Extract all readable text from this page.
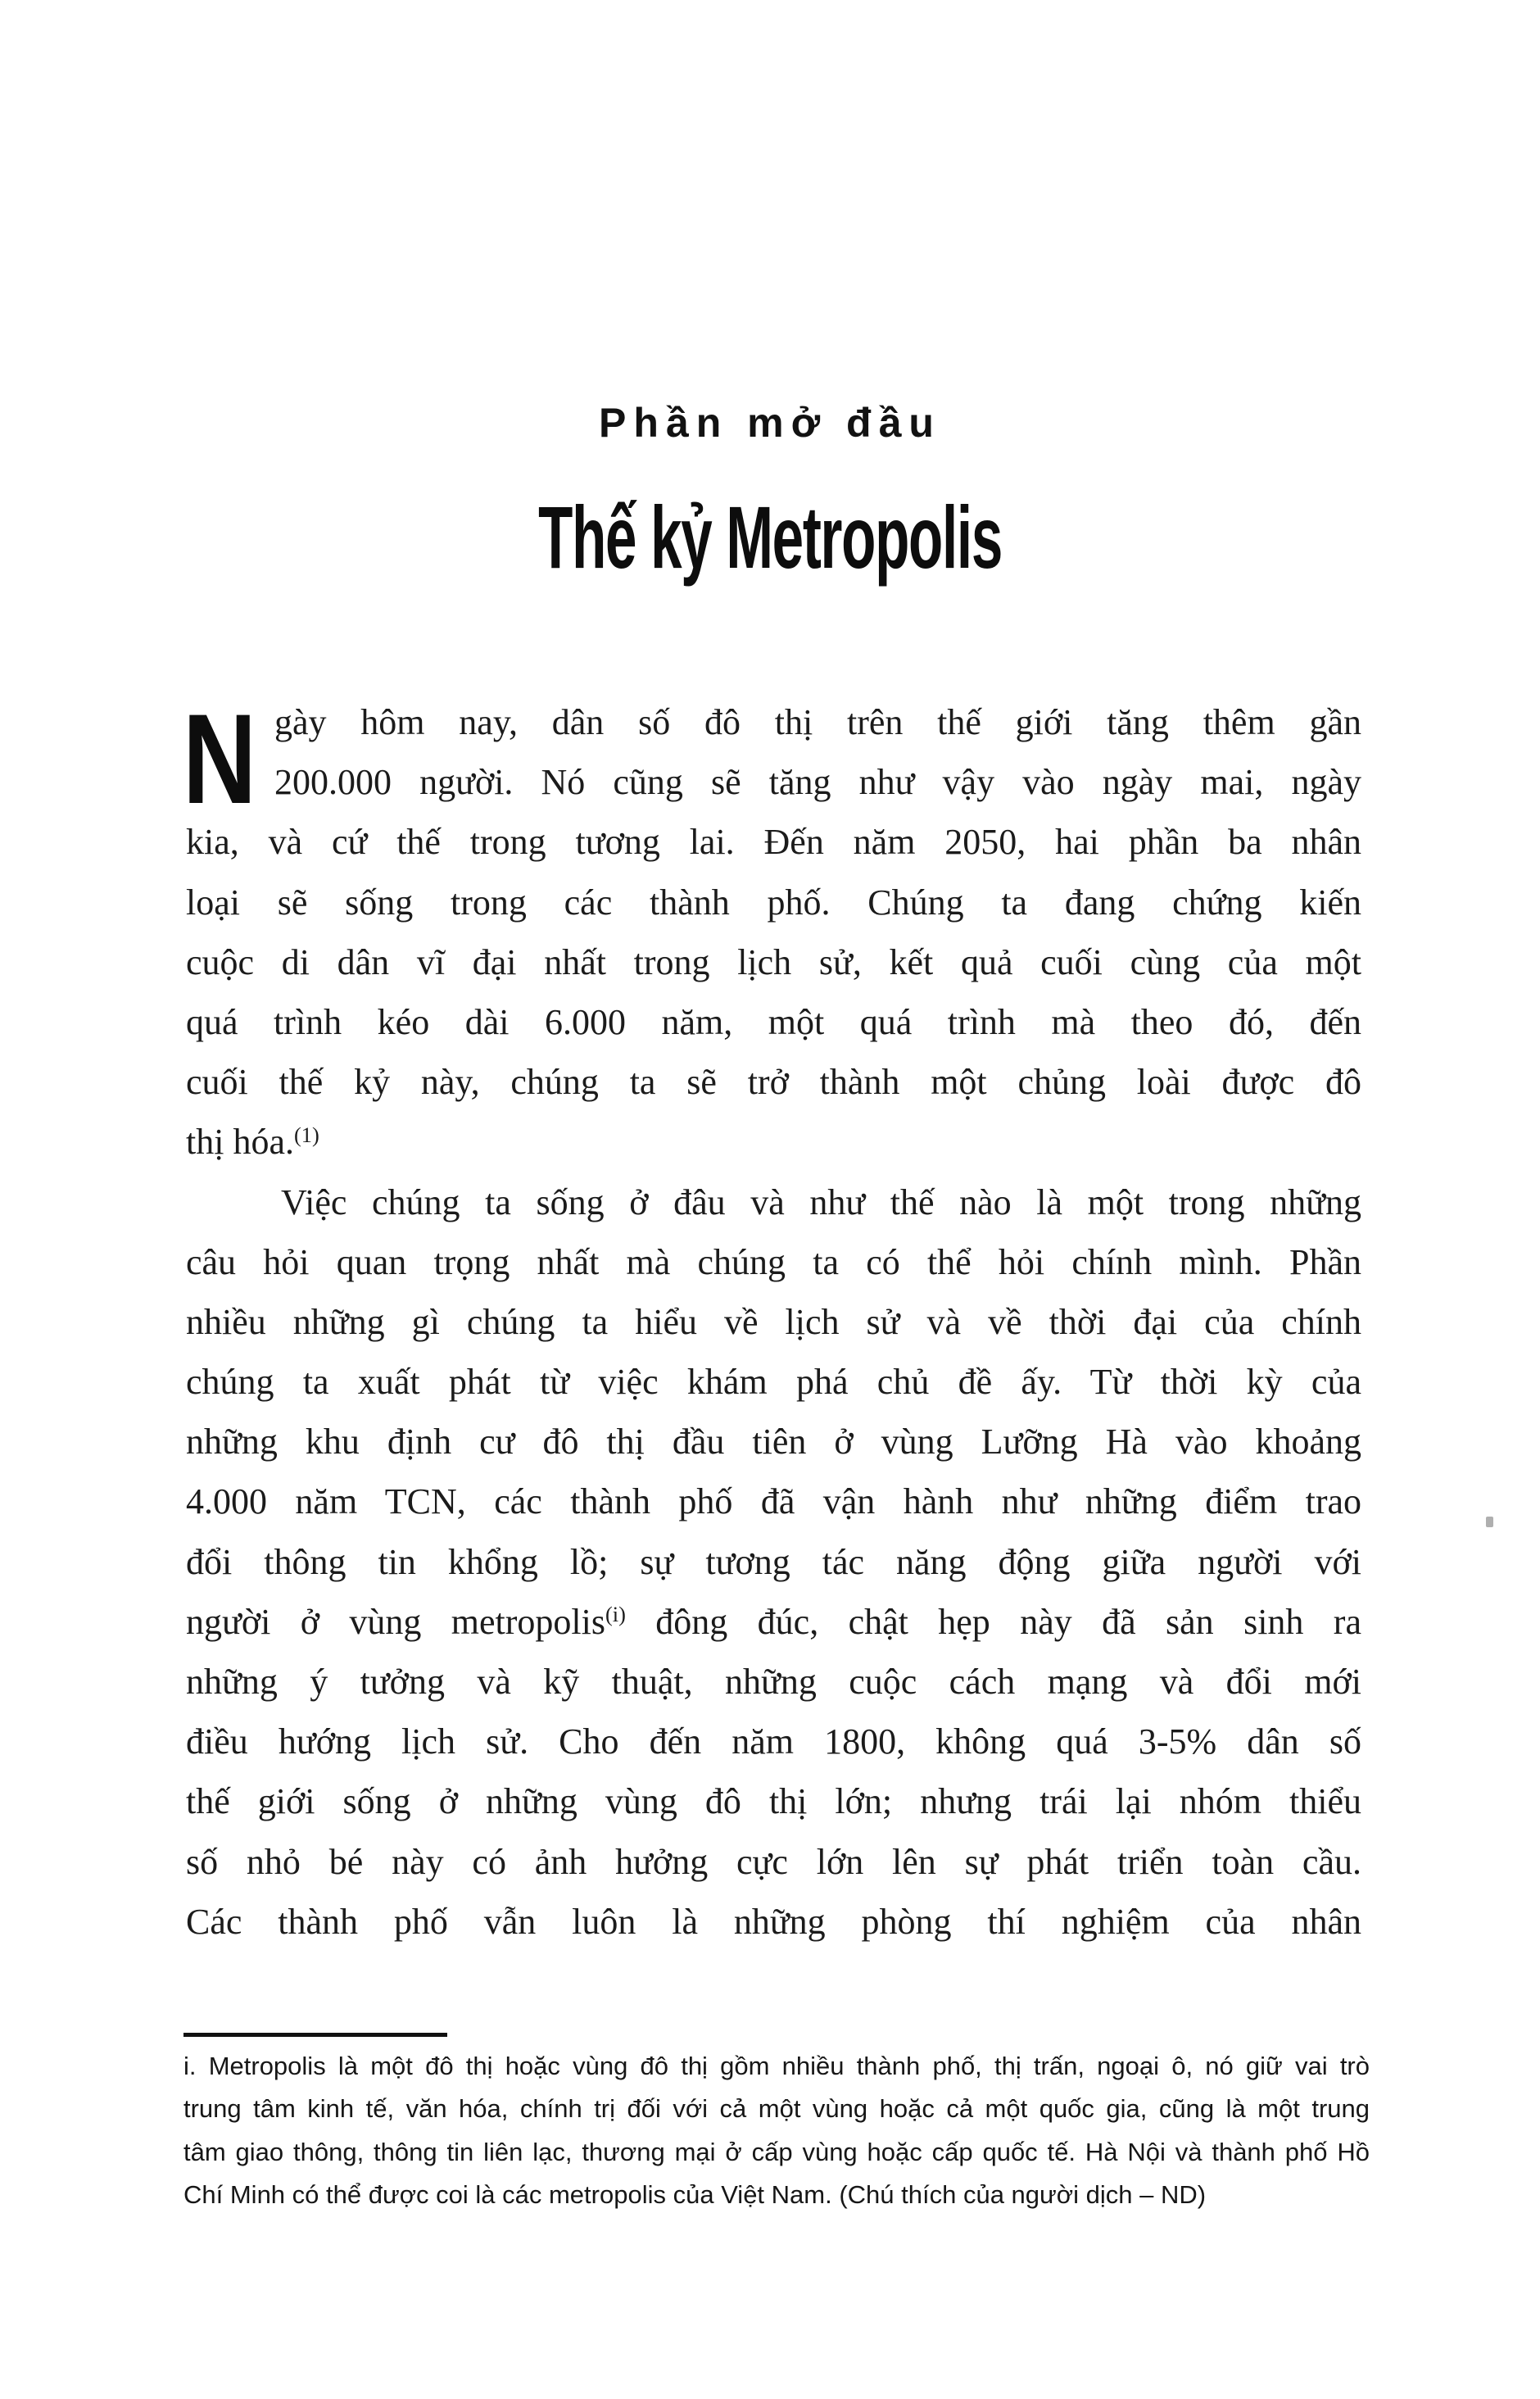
Phần mở đầu
Thế kỷ Metropolis
N gày hôm nay, dân số đô thị trên thế giới tăng thêm gần
200.000 người. Nó cũng sẽ tăng như vậy vào ngày mai, ngày
kia, và cứ thế trong tương lai. Đến năm 2050, hai phần ba nhân
loại sẽ sống trong các thành phố. Chúng ta đang chứng kiến
cuộc di dân vĩ đại nhất trong lịch sử, kết quả cuối cùng của một
quá trình kéo dài 6.000 năm, một quá trình mà theo đó, đến
cuối thế kỷ này, chúng ta sẽ trở thành một chủng loài được đô
thị hóa.$^{(1)}$
Việc chúng ta sống ở đâu và như thế nào là một trong những
câu hỏi quan trọng nhất mà chúng ta có thể hỏi chính mình. Phần
nhiều những gì chúng ta hiểu về lịch sử và về thời đại của chính
chúng ta xuất phát từ việc khám phá chủ đề ấy. Từ thời kỳ của
những khu định cư đô thị đầu tiên ở vùng Lưỡng Hà vào khoảng
4.000 năm TCN, các thành phố đã vận hành như những điểm trao
đổi thông tin khổng lồ; sự tương tác năng động giữa người với
người ở vùng metropolis$^{(i)}$ đông đúc, chật hẹp này đã sản sinh ra
những ý tưởng và kỹ thuật, những cuộc cách mạng và đổi mới
điều hướng lịch sử. Cho đến năm 1800, không quá 3-5% dân số
thế giới sống ở những vùng đô thị lớn; nhưng trái lại nhóm thiểu
số nhỏ bé này có ảnh hưởng cực lớn lên sự phát triển toàn cầu.
Các thành phố vẫn luôn là những phòng thí nghiệm của nhân
i. Metropolis là một đô thị hoặc vùng đô thị gồm nhiều thành phố, thị trấn, ngoại ô, nó giữ vai trò
trung tâm kinh tế, văn hóa, chính trị đối với cả một vùng hoặc cả một quốc gia, cũng là một trung
tâm giao thông, thông tin liên lạc, thương mại ở cấp vùng hoặc cấp quốc tế. Hà Nội và thành phố Hồ
Chí Minh có thể được coi là các metropolis của Việt Nam. (Chú thích của người dịch – ND)
